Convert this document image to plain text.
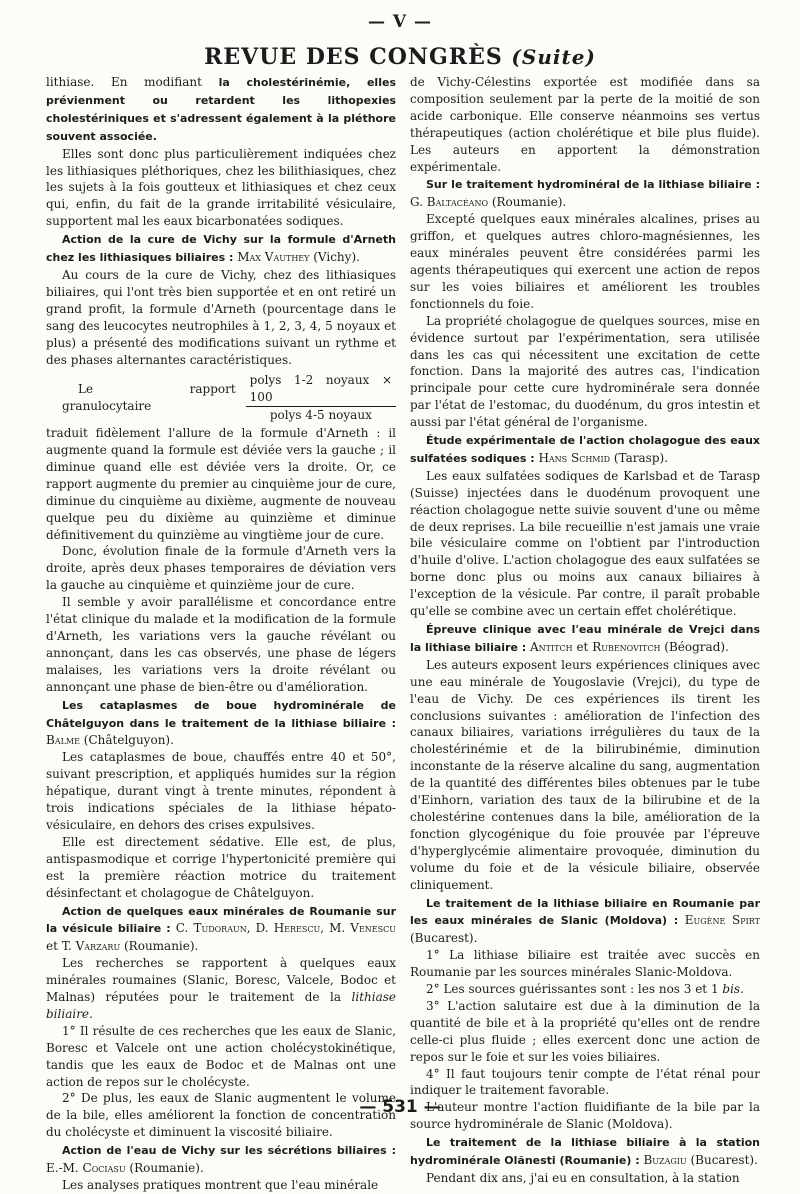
— V —
REVUE DES CONGRÈS (Suite)

lithiase. En modifiant la cholestérinémie, elles prévienment ou retardent les lithopexies cholestériniques et s'adressent également à la pléthore souvent associée.

Elles sont donc plus particulièrement indiquées chez les lithiasiques pléthoriques, chez les bilithiasiques, chez les sujets à la fois goutteux et lithiasiques et chez ceux qui, enfin, du fait de la grande irritabilité vésiculaire, supportent mal les eaux bicarbonatées sodiques.

Action de la cure de Vichy sur la formule d'Arneth chez les lithiasiques biliaires : Max Vauthey (Vichy).

Au cours de la cure de Vichy, chez des lithiasiques biliaires, qui l'ont très bien supportée et en ont retiré un grand profit, la formule d'Arneth (pourcentage dans le sang des leucocytes neutrophiles à 1, 2, 3, 4, 5 noyaux et plus) a présenté des modifications suivant un rythme et des phases alternantes caractéristiques.

Le rapport granulocytaire	$\frac{\text{polys 1-2 noyaux × 100}}{\text{polys 4-5 noyaux}}$

traduit fidèlement l'allure de la formule d'Arneth : il augmente quand la formule est déviée vers la gauche ; il diminue quand elle est déviée vers la droite. Or, ce rapport augmente du premier au cinquième jour de cure, diminue du cinquième au dixième, augmente de nouveau quelque peu du dixième au quinzième et diminue définitivement du quinzième au vingtième jour de cure.

Donc, évolution finale de la formule d'Arneth vers la droite, après deux phases temporaires de déviation vers la gauche au cinquième et quinzième jour de cure.

Il semble y avoir parallélisme et concordance entre l'état clinique du malade et la modification de la formule d'Arneth, les variations vers la gauche révélant ou annonçant, dans les cas observés, une phase de légers malaises, les variations vers la droite révélant ou annonçant une phase de bien-être ou d'amélioration.

Les cataplasmes de boue hydrominérale de Châtelguyon dans le traitement de la lithiase biliaire : Balme (Châtelguyon).

Les cataplasmes de boue, chauffés entre 40 et 50°, suivant prescription, et appliqués humides sur la région hépatique, durant vingt à trente minutes, répondent à trois indications spéciales de la lithiase hépato-vésiculaire, en dehors des crises expulsives.

Elle est directement sédative. Elle est, de plus, antispasmodique et corrige l'hypertonicité première qui est la première réaction motrice du traitement désinfectant et cholagogue de Châtelguyon.

Action de quelques eaux minérales de Roumanie sur la vésicule biliaire : C. Tudoraun, D. Herescu, M. Venescu et T. Varzaru (Roumanie).

Les recherches se rapportent à quelques eaux minérales roumaines (Slanic, Boresc, Valcele, Bodoc et Malnas) réputées pour le traitement de la lithiase biliaire.

1° Il résulte de ces recherches que les eaux de Slanic, Boresc et Valcele ont une action cholécystokinétique, tandis que les eaux de Bodoc et de Malnas ont une action de repos sur le cholécyste.

2° De plus, les eaux de Slanic augmentent le volume de la bile, elles améliorent la fonction de concentration du cholécyste et diminuent la viscosité biliaire.

Action de l'eau de Vichy sur les sécrétions biliaires : E.-M. Cociasu (Roumanie).

Les analyses pratiques montrent que l'eau minérale

de Vichy-Célestins exportée est modifiée dans sa composition seulement par la perte de la moitié de son acide carbonique. Elle conserve néanmoins ses vertus thérapeutiques (action cholérétique et bile plus fluide). Les auteurs en apportent la démonstration expérimentale.

Sur le traitement hydrominéral de la lithiase biliaire : G. Baltacéano (Roumanie).

Excepté quelques eaux minérales alcalines, prises au griffon, et quelques autres chloro-magnésiennes, les eaux minérales peuvent être considérées parmi les agents thérapeutiques qui exercent une action de repos sur les voies biliaires et améliorent les troubles fonctionnels du foie.

La propriété cholagogue de quelques sources, mise en évidence surtout par l'expérimentation, sera utilisée dans les cas qui nécessitent une excitation de cette fonction. Dans la majorité des autres cas, l'indication principale pour cette cure hydrominérale sera donnée par l'état de l'estomac, du duodénum, du gros intestin et aussi par l'état général de l'organisme.

Étude expérimentale de l'action cholagogue des eaux sulfatées sodiques : Hans Schmid (Tarasp).

Les eaux sulfatées sodiques de Karlsbad et de Tarasp (Suisse) injectées dans le duodénum provoquent une réaction cholagogue nette suivie souvent d'une ou même de deux reprises. La bile recueillie n'est jamais une vraie bile vésiculaire comme on l'obtient par l'introduction d'huile d'olive. L'action cholagogue des eaux sulfatées se borne donc plus ou moins aux canaux biliaires à l'exception de la vésicule. Par contre, il paraît probable qu'elle se combine avec un certain effet cholérétique.

Épreuve clinique avec l'eau minérale de Vrejci dans la lithiase biliaire : Antitch et Rubenovitch (Béograd).

Les auteurs exposent leurs expériences cliniques avec une eau minérale de Yougoslavie (Vrejci), du type de l'eau de Vichy. De ces expériences ils tirent les conclusions suivantes : amélioration de l'infection des canaux biliaires, variations irrégulières du taux de la cholestérinémie et de la bilirubinémie, diminution inconstante de la réserve alcaline du sang, augmentation de la quantité des différentes biles obtenues par le tube d'Einhorn, variation des taux de la bilirubine et de la cholestérine contenues dans la bile, amélioration de la fonction glycogénique du foie prouvée par l'épreuve d'hyperglycémie alimentaire provoquée, diminution du volume du foie et de la vésicule biliaire, observée cliniquement.

Le traitement de la lithiase biliaire en Roumanie par les eaux minérales de Slanic (Moldova) : Eugène Spirt (Bucarest).

1° La lithiase biliaire est traitée avec succès en Roumanie par les sources minérales Slanic-Moldova.

2° Les sources guérissantes sont : les nos 3 et 1 bis.

3° L'action salutaire est due à la diminution de la quantité de bile et à la propriété qu'elles ont de rendre celle-ci plus fluide ; elles exercent donc une action de repos sur le foie et sur les voies biliaires.

4° Il faut toujours tenir compte de l'état rénal pour indiquer le traitement favorable.

L'auteur montre l'action fluidifiante de la bile par la source hydrominérale de Slanic (Moldova).

Le traitement de la lithiase biliaire à la station hydrominérale Olănesti (Roumanie) : Buzagiu (Bucarest).

Pendant dix ans, j'ai eu en consultation, à la station

— 531 —
